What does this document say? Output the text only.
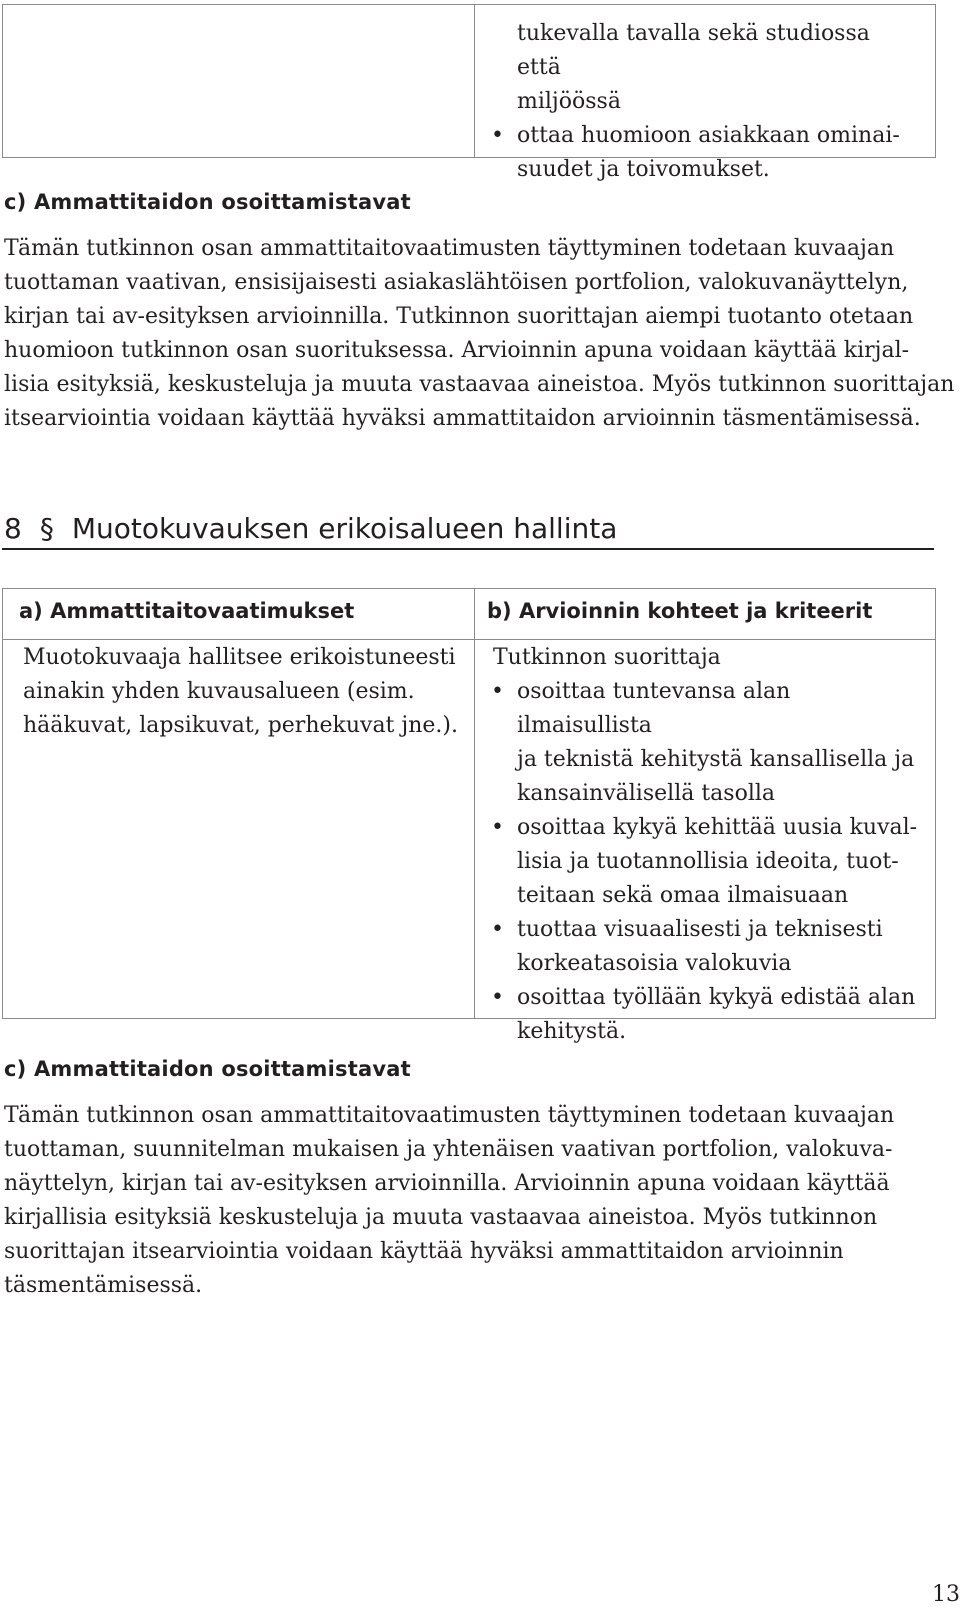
tukevalla tavalla sekä studiossa että
miljöössä
• ottaa huomioon asiakkaan ominai-
suudet ja toivomukset.
c) Ammattitaidon osoittamistavat
Tämän tutkinnon osan ammattitaitovaatimusten täyttyminen todetaan kuvaajan
tuottaman vaativan, ensisijaisesti asiakaslähtöisen portfolion, valokuvanäyttelyn,
kirjan tai av-esityksen arvioinnilla. Tutkinnon suorittajan aiempi tuotanto otetaan
huomioon tutkinnon osan suorituksessa. Arvioinnin apuna voidaan käyttää kirjal-
lisia esityksiä, keskusteluja ja muuta vastaavaa aineistoa. Myös tutkinnon suorittajan
itsearviointia voidaan käyttää hyväksi ammattitaidon arvioinnin täsmentämisessä.
8 § Muotokuvauksen erikoisalueen hallinta
a) Ammattitaitovaatimukset	b) Arvioinnin kohteet ja kriteerit
Muotokuvaaja hallitsee erikoistuneesti
ainakin yhden kuvausalueen (esim.
hääkuvat, lapsikuvat, perhekuvat jne.).
Tutkinnon suorittaja
• osoittaa tuntevansa alan ilmaisullista
ja teknistä kehitystä kansallisella ja
kansainvälisellä tasolla
• osoittaa kykyä kehittää uusia kuval-
lisia ja tuotannollisia ideoita, tuot-
teitaan sekä omaa ilmaisuaan
• tuottaa visuaalisesti ja teknisesti
korkeatasoisia valokuvia
• osoittaa työllään kykyä edistää alan
kehitystä.
c) Ammattitaidon osoittamistavat
Tämän tutkinnon osan ammattitaitovaatimusten täyttyminen todetaan kuvaajan
tuottaman, suunnitelman mukaisen ja yhtenäisen vaativan portfolion, valokuva-
näyttelyn, kirjan tai av-esityksen arvioinnilla. Arvioinnin apuna voidaan käyttää
kirjallisia esityksiä keskusteluja ja muuta vastaavaa aineistoa. Myös tutkinnon
suorittajan itsearviointia voidaan käyttää hyväksi ammattitaidon arvioinnin
täsmentämisessä.
13
